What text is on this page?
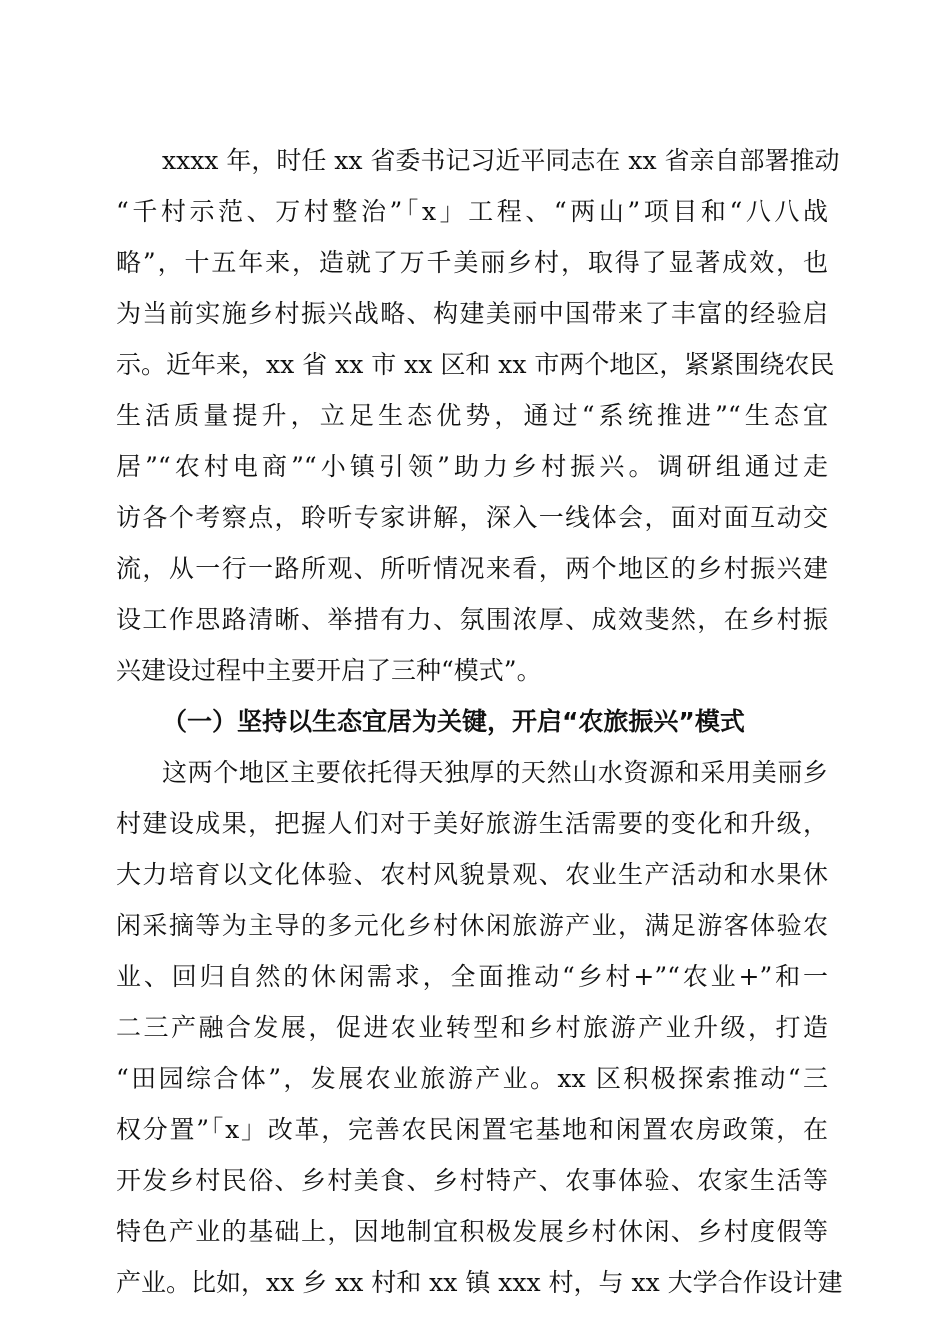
xxxx 年，时任 xx 省委书记习近平同志在 xx 省亲自部署推动
“千村示范、万村整治”「x」工程、“两山”项目和“八八战
略”，十五年来，造就了万千美丽乡村，取得了显著成效，也
为当前实施乡村振兴战略、构建美丽中国带来了丰富的经验启
示。近年来，xx 省 xx 市 xx 区和 xx 市两个地区，紧紧围绕农民
生活质量提升，立足生态优势，通过“系统推进”“生态宜
居”“农村电商”“小镇引领”助力乡村振兴。调研组通过走
访各个考察点，聆听专家讲解，深入一线体会，面对面互动交
流，从一行一路所观、所听情况来看，两个地区的乡村振兴建
设工作思路清晰、举措有力、氛围浓厚、成效斐然，在乡村振
兴建设过程中主要开启了三种“模式”。
（一）坚持以生态宜居为关键，开启“农旅振兴”模式
这两个地区主要依托得天独厚的天然山水资源和采用美丽乡
村建设成果，把握人们对于美好旅游生活需要的变化和升级，
大力培育以文化体验、农村风貌景观、农业生产活动和水果休
闲采摘等为主导的多元化乡村休闲旅游产业，满足游客体验农
业、回归自然的休闲需求，全面推动“乡村+”“农业+”和一
二三产融合发展，促进农业转型和乡村旅游产业升级，打造
“田园综合体”，发展农业旅游产业。xx 区积极探索推动“三
权分置”「x」改革，完善农民闲置宅基地和闲置农房政策，在
开发乡村民俗、乡村美食、乡村特产、农事体验、农家生活等
特色产业的基础上，因地制宜积极发展乡村休闲、乡村度假等
产业。比如，xx 乡 xx 村和 xx 镇 xxx 村，与 xx 大学合作设计建
